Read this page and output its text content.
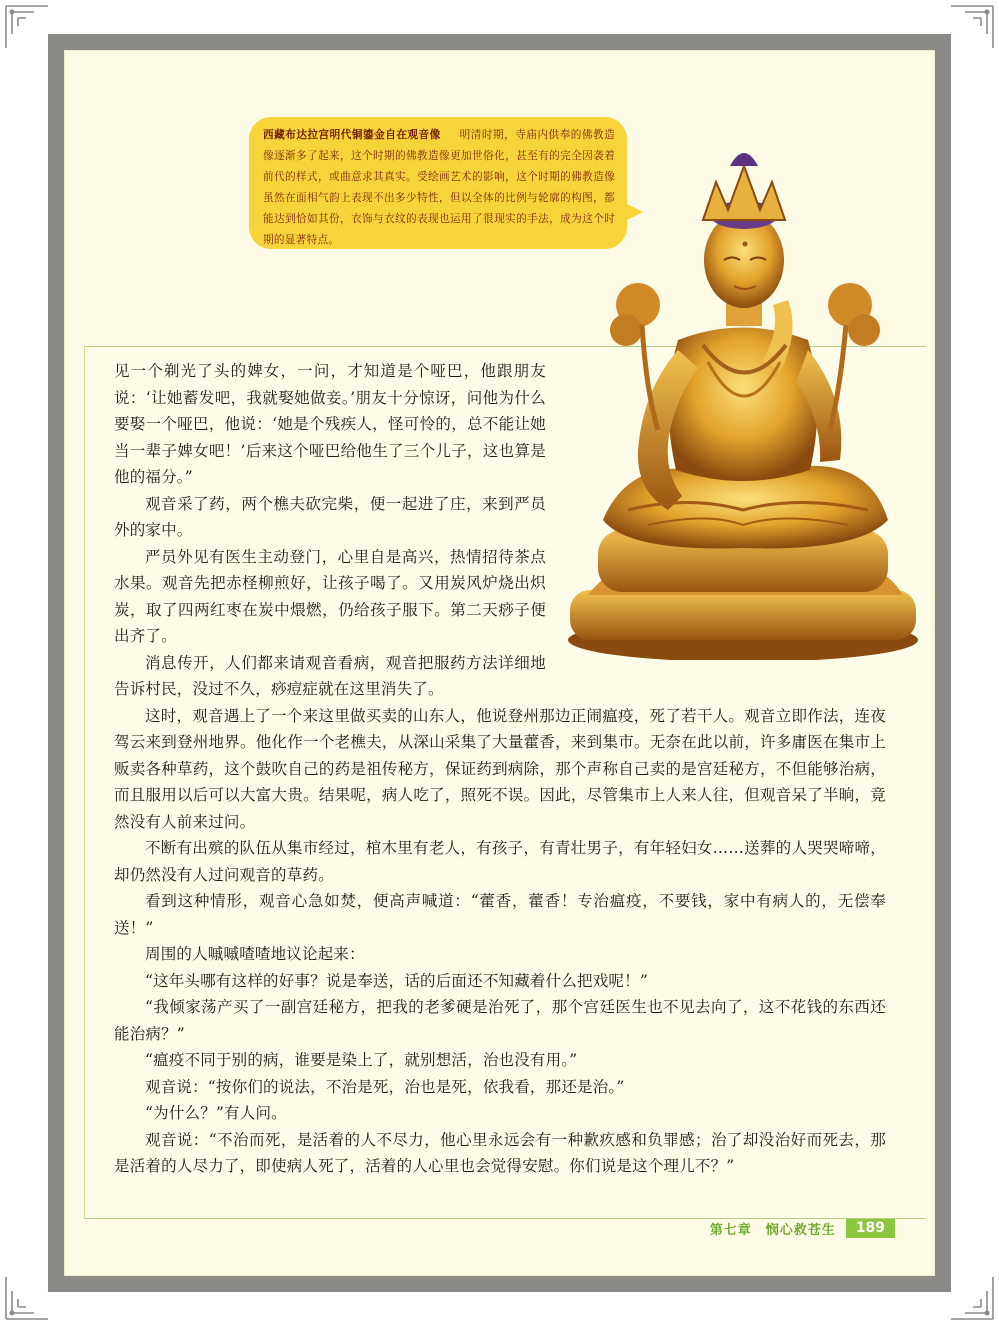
西藏布达拉宫明代铜鎏金自在观音像 　 明清时期，寺庙内供奉的佛教造像逐渐多了起来，这个时期的佛教造像更加世俗化，甚至有的完全因袭着前代的样式，或曲意求其真实。受绘画艺术的影响，这个时期的佛教造像虽然在面相气韵上表现不出多少特性，但以全体的比例与轮廓的构图，都能达到恰如其份，衣饰与衣纹的表现也运用了很现实的手法，成为这个时期的显著特点。

见一个剃光了头的婢女，一问，才知道是个哑巴，他跟朋友说：‘让她蓄发吧，我就娶她做妾。’朋友十分惊讶，问他为什么要娶一个哑巴，他说：‘她是个残疾人，怪可怜的，总不能让她当一辈子婢女吧！’后来这个哑巴给他生了三个儿子，这也算是他的福分。”

观音采了药，两个樵夫砍完柴，便一起进了庄，来到严员外的家中。

严员外见有医生主动登门，心里自是高兴，热情招待茶点水果。观音先把赤柽柳煎好，让孩子喝了。又用炭风炉烧出炽炭，取了四两红枣在炭中煨燃，仍给孩子服下。第二天痧子便出齐了。

消息传开，人们都来请观音看病，观音把服药方法详细地告诉村民，没过不久，痧痘症就在这里消失了。

这时，观音遇上了一个来这里做买卖的山东人，他说登州那边正闹瘟疫，死了若干人。观音立即作法，连夜驾云来到登州地界。他化作一个老樵夫，从深山采集了大量藿香，来到集市。无奈在此以前，许多庸医在集市上贩卖各种草药，这个鼓吹自己的药是祖传秘方，保证药到病除，那个声称自己卖的是宫廷秘方，不但能够治病，而且服用以后可以大富大贵。结果呢，病人吃了，照死不误。因此，尽管集市上人来人往，但观音呆了半晌，竟然没有人前来过问。

不断有出殡的队伍从集市经过，棺木里有老人，有孩子，有青壮男子，有年轻妇女……送葬的人哭哭啼啼，却仍然没有人过问观音的草药。

看到这种情形，观音心急如焚，便高声喊道：“藿香，藿香！专治瘟疫，不要钱，家中有病人的，无偿奉送！”

周围的人嘁嘁喳喳地议论起来：

“这年头哪有这样的好事？说是奉送，话的后面还不知藏着什么把戏呢！”

“我倾家荡产买了一副宫廷秘方，把我的老爹硬是治死了，那个宫廷医生也不见去向了，这不花钱的东西还能治病？”

“瘟疫不同于别的病，谁要是染上了，就别想活，治也没有用。”

观音说：“按你们的说法，不治是死，治也是死，依我看，那还是治。”

“为什么？”有人问。

观音说：“不治而死，是活着的人不尽力，他心里永远会有一种歉疚感和负罪感；治了却没治好而死去，那是活着的人尽力了，即使病人死了，活着的人心里也会觉得安慰。你们说是这个理儿不？”

第七章　悯心救苍生	189
